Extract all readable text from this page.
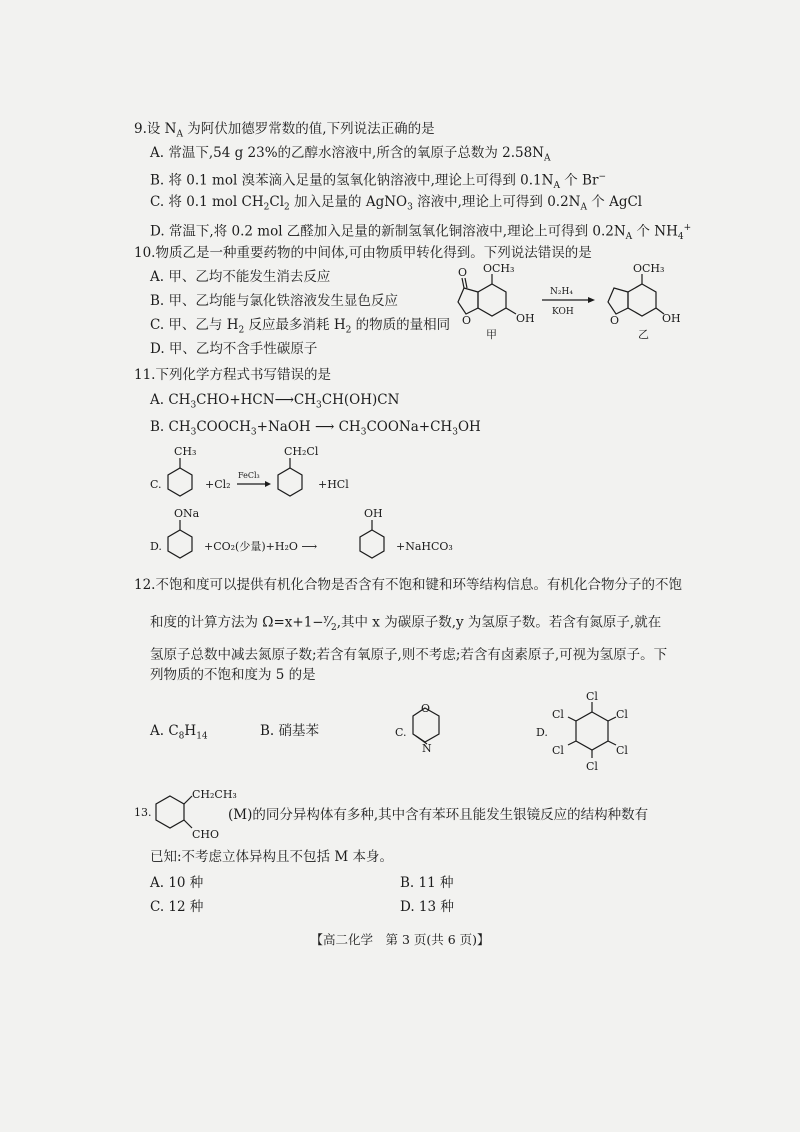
9.设 $N_A$ 为阿伏加德罗常数的值,下列说法正确的是
A. 常温下,54 g 23%的乙醇水溶液中,所含的氧原子总数为 $2.58N_A$
B. 将 0.1 mol 溴苯滴入足量的氢氧化钠溶液中,理论上可得到 $0.1N_A$ 个 Br−
C. 将 0.1 mol $CH_2Cl_2$ 加入足量的 AgNO$_3$ 溶液中,理论上可得到 $0.2N_A$ 个 AgCl
D. 常温下,将 0.2 mol 乙醛加入足量的新制氢氧化铜溶液中,理论上可得到 $0.2N_A$ 个 $NH_4^+$
10.物质乙是一种重要药物的中间体,可由物质甲转化得到。下列说法错误的是
A. 甲、乙均不能发生消去反应
B. 甲、乙均能与氯化铁溶液发生显色反应
C. 甲、乙与 $H_2$ 反应最多消耗 $H_2$ 的物质的量相同
D. 甲、乙均不含手性碳原子
O OCH₃
O	OH
甲
N₂H₄
KOH
OCH₃
O	OH
乙
11.下列化学方程式书写错误的是
A. $CH_3CHO+HCN⟶CH_3CH(OH)CN$
B. $CH_3COOCH_3+NaOH$ ⟶ $CH_3COONa+CH_3OH$
C.
CH₃
+Cl₂
FeCl₃
CH₂Cl
+HCl
D.
ONa
+CO₂(少量)+H₂O ⟶
OH
+NaHCO₃
12.不饱和度可以提供有机化合物是否含有不饱和键和环等结构信息。有机化合物分子的不饱
和度的计算方法为 $\Omega=x+1-^y⁄_2$,其中 x 为碳原子数,y 为氢原子数。若含有氮原子,就在
氢原子总数中减去氮原子数;若含有氧原子,则不考虑;若含有卤素原子,可视为氢原子。下
列物质的不饱和度为 5 的是
A. $C_8H_{14}$	B. 硝基苯	C.
O
N
D.
Cl
Cl
Cl
Cl
Cl
Cl
13.
CH₂CH₃
CHO
(M)的同分异构体有多种,其中含有苯环且能发生银镜反应的结构种数有
已知:不考虑立体异构且不包括 M 本身。
A. 10 种	B. 11 种
C. 12 种	D. 13 种
【高二化学　第 3 页(共 6 页)】
